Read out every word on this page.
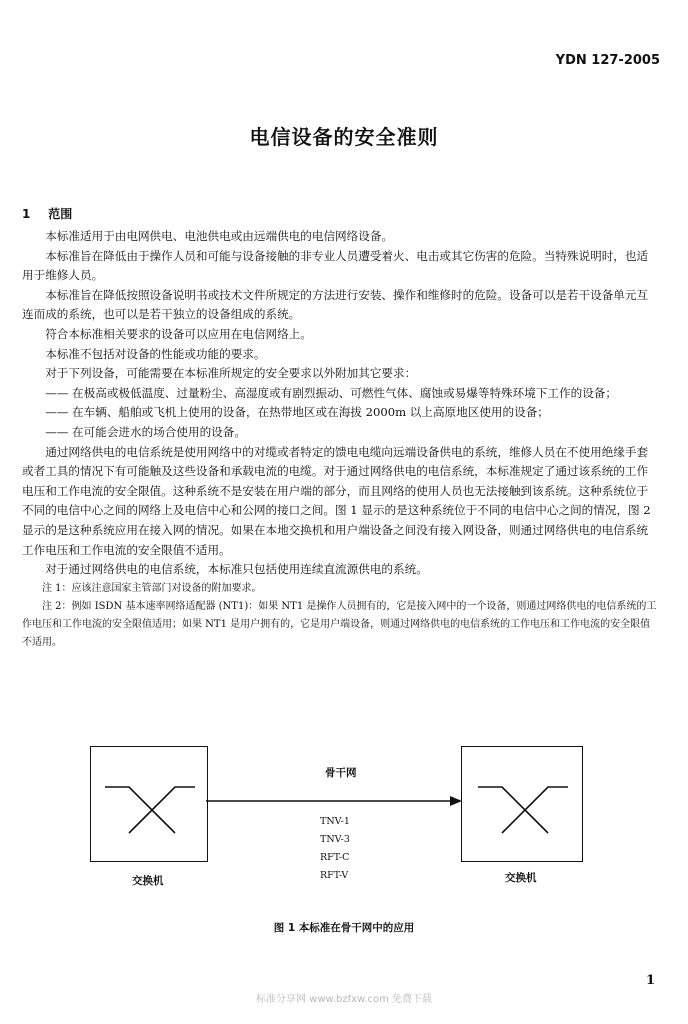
YDN 127-2005
电信设备的安全准则
1 范围

本标准适用于由电网供电、电池供电或由远端供电的电信网络设备。

本标准旨在降低由于操作人员和可能与设备接触的非专业人员遭受着火、电击或其它伤害的危险。当特殊说明时，也适用于维修人员。

本标准旨在降低按照设备说明书或技术文件所规定的方法进行安装、操作和维修时的危险。设备可以是若干设备单元互连而成的系统，也可以是若干独立的设备组成的系统。

符合本标准相关要求的设备可以应用在电信网络上。

本标准不包括对设备的性能或功能的要求。

对于下列设备，可能需要在本标准所规定的安全要求以外附加其它要求：

—— 在极高或极低温度、过量粉尘、高湿度或有剧烈振动、可燃性气体、腐蚀或易爆等特殊环境下工作的设备；

—— 在车辆、船舶或飞机上使用的设备，在热带地区或在海拔 2000m 以上高原地区使用的设备；

—— 在可能会进水的场合使用的设备。

通过网络供电的电信系统是使用网络中的对缆或者特定的馈电电缆向远端设备供电的系统，维修人员在不使用绝缘手套或者工具的情况下有可能触及这些设备和承载电流的电缆。对于通过网络供电的电信系统，本标准规定了通过该系统的工作电压和工作电流的安全限值。这种系统不是安装在用户端的部分，而且网络的使用人员也无法接触到该系统。这种系统位于不同的电信中心之间的网络上及电信中心和公网的接口之间。图 1 显示的是这种系统位于不同的电信中心之间的情况，图 2 显示的是这种系统应用在接入网的情况。如果在本地交换机和用户端设备之间没有接入网设备，则通过网络供电的电信系统工作电压和工作电流的安全限值不适用。

对于通过网络供电的电信系统，本标准只包括使用连续直流源供电的系统。

注 1：应该注意国家主管部门对设备的附加要求。

注 2：例如 ISDN 基本速率网络适配器 (NT1)：如果 NT1 是操作人员拥有的，它是接入网中的一个设备，则通过网络供电的电信系统的工作电压和工作电流的安全限值适用；如果 NT1 是用户拥有的，它是用户端设备，则通过网络供电的电信系统的工作电压和工作电流的安全限值不适用。

骨干网
TNV-1
TNV-3
RFT-C
RFT-V
交换机	交换机
图 1 本标准在骨干网中的应用
1
标准分享网 www.bzfxw.com 免费下载
